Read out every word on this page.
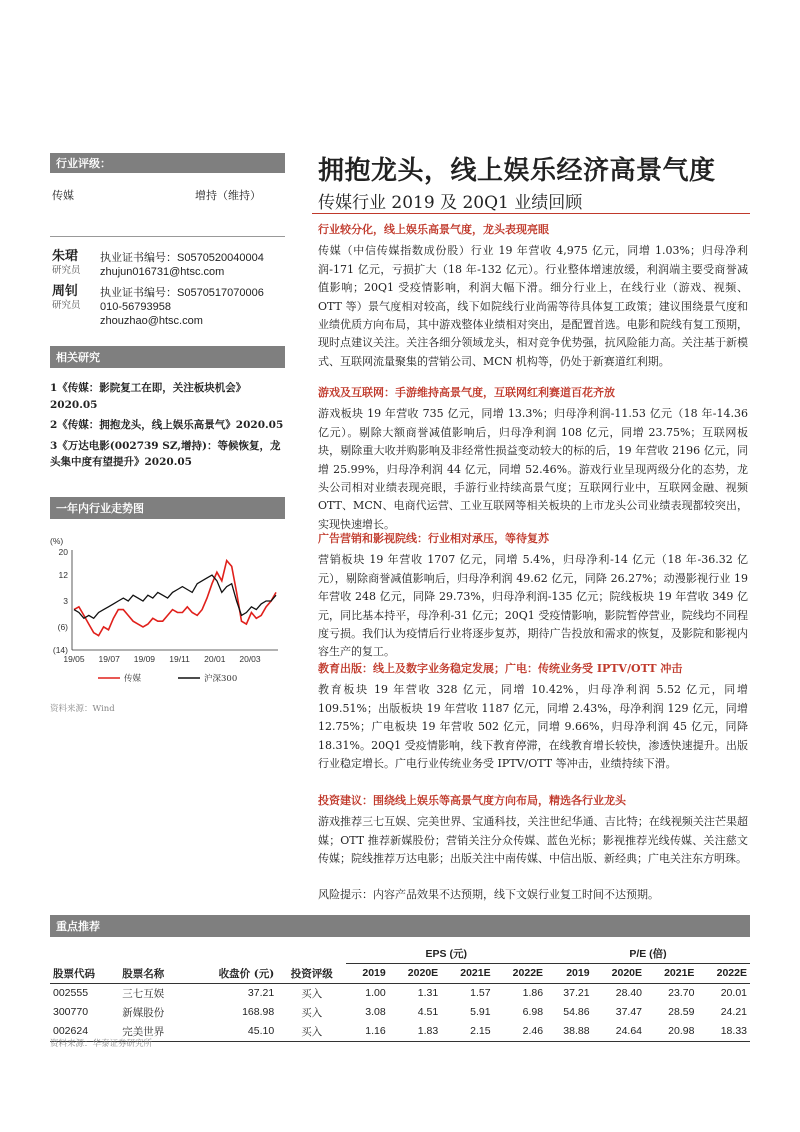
行业评级：
传媒	增持（维持）
朱珺
研究员
执业证书编号：S0570520040004
zhujun016731@htsc.com
周钊
研究员
执业证书编号：S0570517070006
010-56793958
zhouzhao@htsc.com
相关研究
1《传媒：影院复工在即，关注板块机会》2020.05
2《传媒：拥抱龙头，线上娱乐高景气》2020.05
3《万达电影(002739 SZ,增持)：等候恢复，龙头集中度有望提升》2020.05
一年内行业走势图
(%)
20
12
3
(6)
(14)
19/05 19/07 19/09 19/11 20/01 20/03
传媒	沪深300
资料来源：Wind
拥抱龙头，线上娱乐经济高景气度
传媒行业 2019 及 20Q1 业绩回顾
行业较分化，线上娱乐高景气度，龙头表现亮眼

传媒（中信传媒指数成份股）行业 19 年营收 4,975 亿元，同增 1.03%；归母净利润-171 亿元，亏损扩大（18 年-132 亿元）。行业整体增速放缓，利润端主要受商誉减值影响；20Q1 受疫情影响，利润大幅下滑。细分行业上，在线行业（游戏、视频、OTT 等）景气度相对较高，线下如院线行业尚需等待具体复工政策；建议围绕景气度和业绩优质方向布局，其中游戏整体业绩相对突出，是配置首选。电影和院线有复工预期，现时点建议关注。关注各细分领域龙头，相对竞争优势强，抗风险能力高。关注基于新模式、互联网流量聚集的营销公司、MCN 机构等，仍处于新赛道红利期。

游戏及互联网：手游维持高景气度，互联网红利赛道百花齐放

游戏板块 19 年营收 735 亿元，同增 13.3%；归母净利润-11.53 亿元（18 年-14.36 亿元）。剔除大额商誉减值影响后，归母净利润 108 亿元，同增 23.75%；互联网板块，剔除重大收并购影响及非经常性损益变动较大的标的后，19 年营收 2196 亿元，同增 25.99%，归母净利润 44 亿元，同增 52.46%。游戏行业呈现两级分化的态势，龙头公司相对业绩表现亮眼，手游行业持续高景气度；互联网行业中，互联网金融、视频 OTT、MCN、电商代运营、工业互联网等相关板块的上市龙头公司业绩表现都较突出，实现快速增长。

广告营销和影视院线：行业相对承压，等待复苏

营销板块 19 年营收 1707 亿元，同增 5.4%，归母净利-14 亿元（18 年-36.32 亿元），剔除商誉减值影响后，归母净利润 49.62 亿元，同降 26.27%；动漫影视行业 19 年营收 248 亿元，同降 29.73%，归母净利润-135 亿元；院线板块 19 年营收 349 亿元，同比基本持平，母净利-31 亿元；20Q1 受疫情影响，影院暂停营业，院线均不同程度亏损。我们认为疫情后行业将逐步复苏，期待广告投放和需求的恢复，及影院和影视内容生产的复工。

教育出版：线上及数字业务稳定发展；广电：传统业务受 IPTV/OTT 冲击

教育板块 19 年营收 328 亿元，同增 10.42%，归母净利润 5.52 亿元，同增 109.51%；出版板块 19 年营收 1187 亿元，同增 2.43%，母净利润 129 亿元，同增 12.75%；广电板块 19 年营收 502 亿元，同增 9.66%，归母净利润 45 亿元，同降 18.31%。20Q1 受疫情影响，线下教育停滞，在线教育增长较快，渗透快速提升。出版行业稳定增长。广电行业传统业务受 IPTV/OTT 等冲击，业绩持续下滑。

投资建议：围绕线上娱乐等高景气度方向布局，精选各行业龙头

游戏推荐三七互娱、完美世界、宝通科技，关注世纪华通、吉比特；在线视频关注芒果超媒；OTT 推荐新媒股份；营销关注分众传媒、蓝色光标；影视推荐光线传媒、关注慈文传媒；院线推荐万达电影；出版关注中南传媒、中信出版、新经典；广电关注东方明珠。

风险提示：内容产品效果不达预期，线下文娱行业复工时间不达预期。
重点推荐
				EPS (元)				P/E (倍)			
股票代码	股票名称	收盘价 (元)	投资评级	2019	2020E	2021E	2022E	2019	2020E	2021E	2022E
002555	三七互娱	37.21	买入	1.00	1.31	1.57	1.86	37.21	28.40	23.70	20.01
300770	新媒股份	168.98	买入	3.08	4.51	5.91	6.98	54.86	37.47	28.59	24.21
002624	完美世界	45.10	买入	1.16	1.83	2.15	2.46	38.88	24.64	20.98	18.33
资料来源：华泰证券研究所
